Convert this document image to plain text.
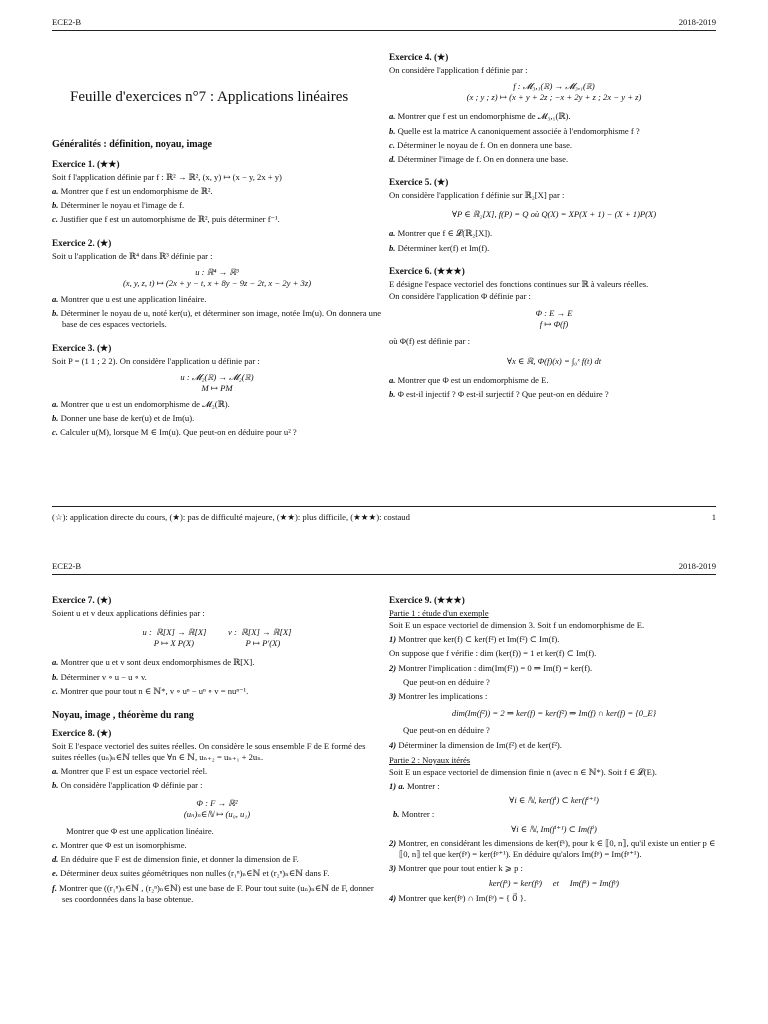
ECE2-B	2018-2019
Feuille d'exercices n°7 : Applications linéaires
Généralités : définition, noyau, image
Exercice 1. (★★)
Soit f l'application définie par f : ℝ² → ℝ², (x, y) ↦ (x − y, 2x + y)
a. Montrer que f est un endomorphisme de ℝ².
b. Déterminer le noyau et l'image de f.
c. Justifier que f est un automorphisme de ℝ², puis déterminer f⁻¹.
Exercice 2. (★)
Soit u l'application de ℝ⁴ dans ℝ³ définie par :
u : ℝ⁴ → ℝ³
(x, y, z, t) ↦ (2x + y − t, x + 8y − 9z − 2t, x − 2y + 3z)
a. Montrer que u est une application linéaire.
b. Déterminer le noyau de u, noté ker(u), et déterminer son image, notée Im(u). On donnera une base de ces espaces vectoriels.
Exercice 3. (★)
Soit P = (1 1 ; 2 2). On considère l'application u définie par :
u : 𝓜₂(ℝ) → 𝓜₂(ℝ)
M ↦ PM
a. Montrer que u est un endomorphisme de 𝓜₂(ℝ).
b. Donner une base de ker(u) et de Im(u).
c. Calculer u(M), lorsque M ∈ Im(u). Que peut-on en déduire pour u² ?
Exercice 4. (★)
On considère l'application f définie par :
f : 𝓜₃,₁(ℝ) → 𝓜₃,₁(ℝ)
(x ; y ; z) ↦ (x + y + 2z ; −x + 2y + z ; 2x − y + z)
a. Montrer que f est un endomorphisme de 𝓜₃,₁(ℝ).
b. Quelle est la matrice A canoniquement associée à l'endomorphisme f ?
c. Déterminer le noyau de f. On en donnera une base.
d. Déterminer l'image de f. On en donnera une base.
Exercice 5. (★)
On considère l'application f définie sur ℝ₂[X] par :
∀P ∈ ℝ₂[X], f(P) = Q où Q(X) = XP(X + 1) − (X + 1)P(X)
a. Montrer que f ∈ 𝓛(ℝ₂[X]).
b. Déterminer ker(f) et Im(f).
Exercice 6. (★★★)
E désigne l'espace vectoriel des fonctions continues sur ℝ à valeurs réelles.
On considère l'application Φ définie par :
Φ : E → E
f ↦ Φ(f)
où Φ(f) est définie par :
∀x ∈ ℝ, Φ(f)(x) = ∫₀ˣ f(t) dt
a. Montrer que Φ est un endomorphisme de E.
b. Φ est-il injectif ? Φ est-il surjectif ? Que peut-on en déduire ?
(☆): application directe du cours, (★): pas de difficulté majeure, (★★): plus difficile, (★★★): costaud	1
ECE2-B	2018-2019
Exercice 7. (★)
Soient u et v deux applications définies par :
u :  ℝ[X] → ℝ[X]          v :  ℝ[X] → ℝ[X]
P ↦ X P(X)                        P ↦ P′(X)
a. Montrer que u et v sont deux endomorphismes de ℝ[X].
b. Déterminer v ∘ u − u ∘ v.
c. Montrer que pour tout n ∈ ℕ*, v ∘ uⁿ − uⁿ ∘ v = nuⁿ⁻¹.
Noyau, image , théorème du rang
Exercice 8. (★)
Soit E l'espace vectoriel des suites réelles. On considère le sous ensemble F de E formé des suites réelles (uₙ)ₙ∈ℕ telles que ∀n ∈ ℕ, uₙ₊₂ = uₙ₊₁ + 2uₙ.
a. Montrer que F est un espace vectoriel réel.
b. On considère l'application Φ définie par :
Φ : F → ℝ²
(uₙ)ₙ∈ℕ ↦ (u₀, u₁)
Montrer que Φ est une application linéaire.
c. Montrer que Φ est un isomorphisme.
d. En déduire que F est de dimension finie, et donner la dimension de F.
e. Déterminer deux suites géométriques non nulles (r₁ⁿ)ₙ∈ℕ et (r₂ⁿ)ₙ∈ℕ dans F.
f. Montrer que ((r₁ⁿ)ₙ∈ℕ , (r₂ⁿ)ₙ∈ℕ) est une base de F. Pour tout suite (uₙ)ₙ∈ℕ de F, donner ses coordonnées dans la base obtenue.
Exercice 9. (★★★)
Partie 1 : étude d'un exemple
Soit E un espace vectoriel de dimension 3. Soit f un endomorphisme de E.
1) Montrer que ker(f) ⊂ ker(f²) et Im(f²) ⊂ Im(f).
On suppose que f vérifie : dim (ker(f)) = 1 et ker(f) ⊂ Im(f).
2) Montrer l'implication : dim(Im(f²)) = 0 ⇒ Im(f) = ker(f).
Que peut-on en déduire ?
3) Montrer les implications :
dim(Im(f²)) = 2 ⇒ ker(f) = ker(f²) ⇒ Im(f) ∩ ker(f) = {0_E}
Que peut-on en déduire ?
4) Déterminer la dimension de Im(f²) et de ker(f²).
Partie 2 : Noyaux itérés
Soit E un espace vectoriel de dimension finie n (avec n ∈ ℕ*). Soit f ∈ 𝓛(E).
1) a. Montrer :
∀i ∈ ℕ, ker(fⁱ) ⊂ ker(fⁱ⁺¹)
b. Montrer :
∀i ∈ ℕ, Im(fⁱ⁺¹) ⊂ Im(fⁱ)
2) Montrer, en considérant les dimensions de ker(fᵏ), pour k ∈ ⟦0, n⟧, qu'il existe un entier p ∈ ⟦0, n⟧ tel que ker(fᵖ) = ker(fᵖ⁺¹). En déduire qu'alors Im(fᵖ) = Im(fᵖ⁺¹).
3) Montrer que pour tout entier k ⩾ p :
ker(fᵏ) = ker(fᵖ)     et     Im(fᵏ) = Im(fᵖ)
4) Montrer que ker(fᵖ) ∩ Im(fᵖ) = { 0⃗ }.
